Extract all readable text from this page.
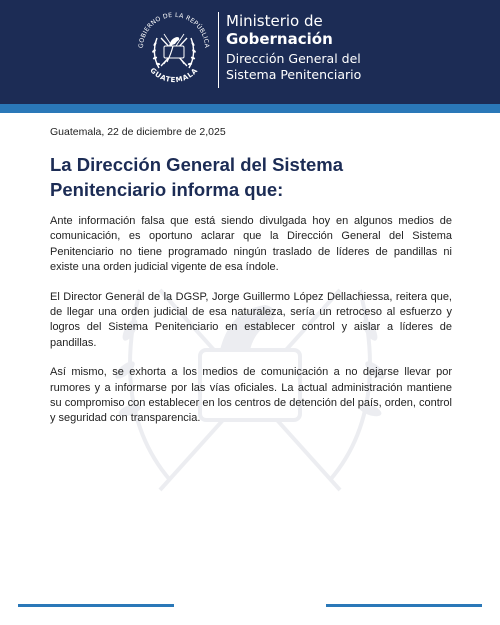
GOBIERNO DE LA REPÚBLICA
GUATEMALA
Ministerio de
Gobernación
Dirección General del
Sistema Penitenciario
Guatemala, 22 de diciembre de 2,025
La Dirección General del Sistema Penitenciario informa que:

Ante información falsa que está siendo divulgada hoy en algunos medios de comunicación, es oportuno aclarar que la Dirección General del Sistema Penitenciario no tiene programado ningún traslado de líderes de pandillas ni existe una orden judicial vigente de esa índole.

El Director General de la DGSP, Jorge Guillermo López Dellachiessa, reitera que, de llegar una orden judicial de esa naturaleza, sería un retroceso al esfuerzo y logros del Sistema Penitenciario en establecer control y aislar a líderes de pandillas.

Así mismo, se exhorta a los medios de comunicación a no dejarse llevar por rumores y a informarse por las vías oficiales. La actual administración mantiene su compromiso con establecer en los centros de detención del país, orden, control y seguridad con transparencia.
